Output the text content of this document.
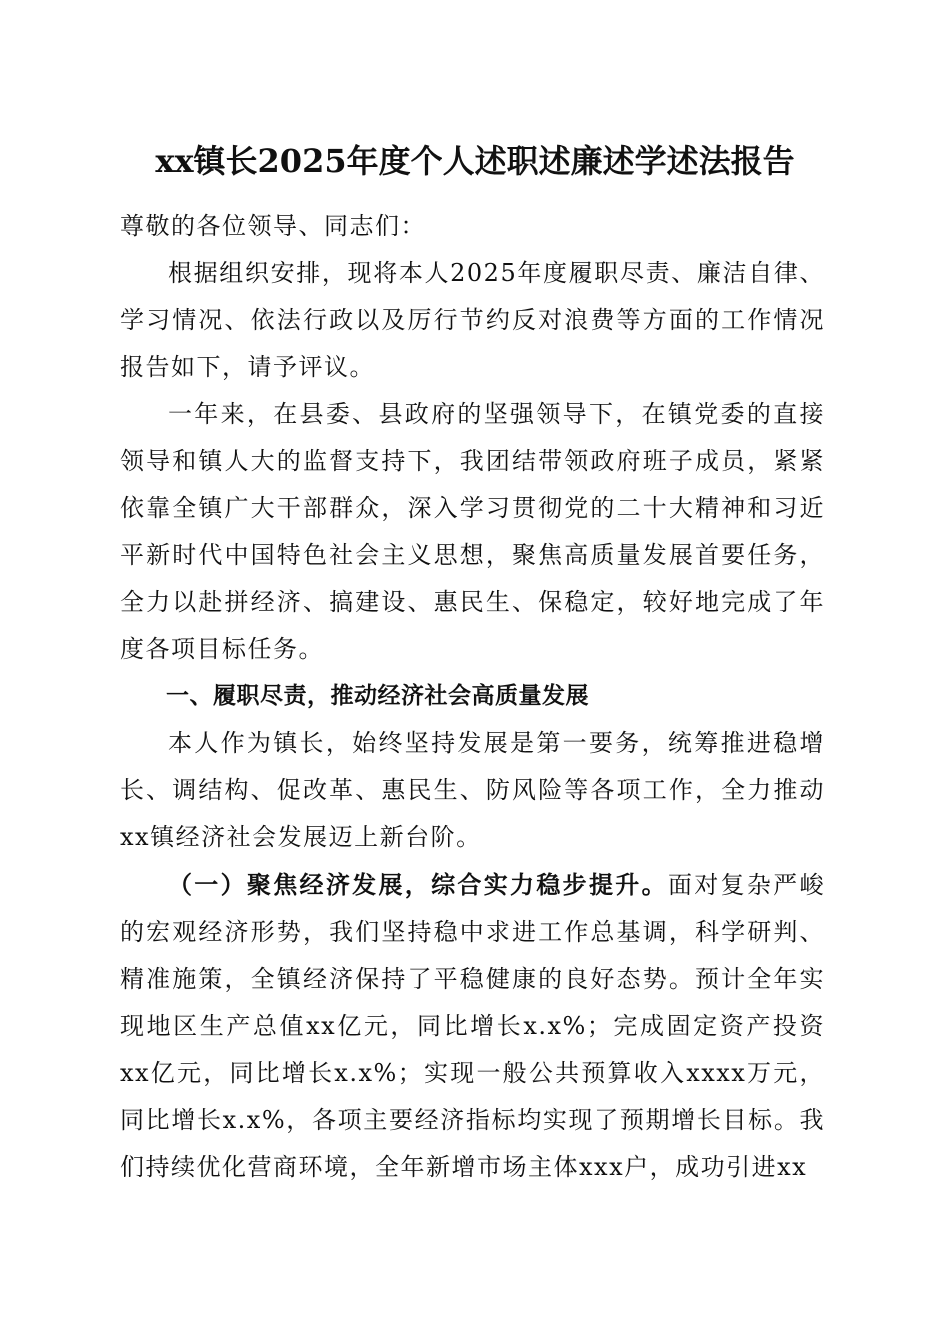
xx镇长2025年度个人述职述廉述学述法报告

尊敬的各位领导、同志们：

根据组织安排，现将本人2025年度履职尽责、廉洁自律、学习情况、依法行政以及厉行节约反对浪费等方面的工作情况报告如下，请予评议。

一年来，在县委、县政府的坚强领导下，在镇党委的直接领导和镇人大的监督支持下，我团结带领政府班子成员，紧紧依靠全镇广大干部群众，深入学习贯彻党的二十大精神和习近平新时代中国特色社会主义思想，聚焦高质量发展首要任务，全力以赴拼经济、搞建设、惠民生、保稳定，较好地完成了年度各项目标任务。

一、履职尽责，推动经济社会高质量发展

本人作为镇长，始终坚持发展是第一要务，统筹推进稳增长、调结构、促改革、惠民生、防风险等各项工作，全力推动xx镇经济社会发展迈上新台阶。

（一）聚焦经济发展，综合实力稳步提升。面对复杂严峻的宏观经济形势，我们坚持稳中求进工作总基调，科学研判、精准施策，全镇经济保持了平稳健康的良好态势。预计全年实现地区生产总值xx亿元，同比增长x.x%；完成固定资产投资xx亿元，同比增长x.x%；实现一般公共预算收入xxxx万元，同比增长x.x%，各项主要经济指标均实现了预期增长目标。我们持续优化营商环境，全年新增市场主体xxx户，成功引进xx
